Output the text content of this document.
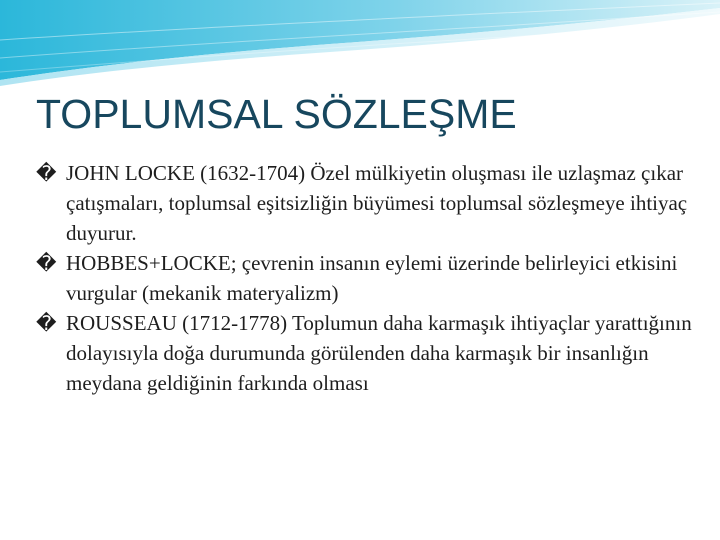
TOPLUMSAL SÖZLEŞME
� JOHN LOCKE (1632-1704) Özel mülkiyetin oluşması ile uzlaşmaz çıkar çatışmaları, toplumsal eşitsizliğin büyümesi toplumsal sözleşmeye ihtiyaç duyurur.
� HOBBES+LOCKE; çevrenin insanın eylemi üzerinde belirleyici etkisini vurgular (mekanik materyalizm)
� ROUSSEAU (1712-1778) Toplumun daha karmaşık ihtiyaçlar yarattığının dolayısıyla doğa durumunda görülenden daha karmaşık bir insanlığın meydana geldiğinin farkında olması
